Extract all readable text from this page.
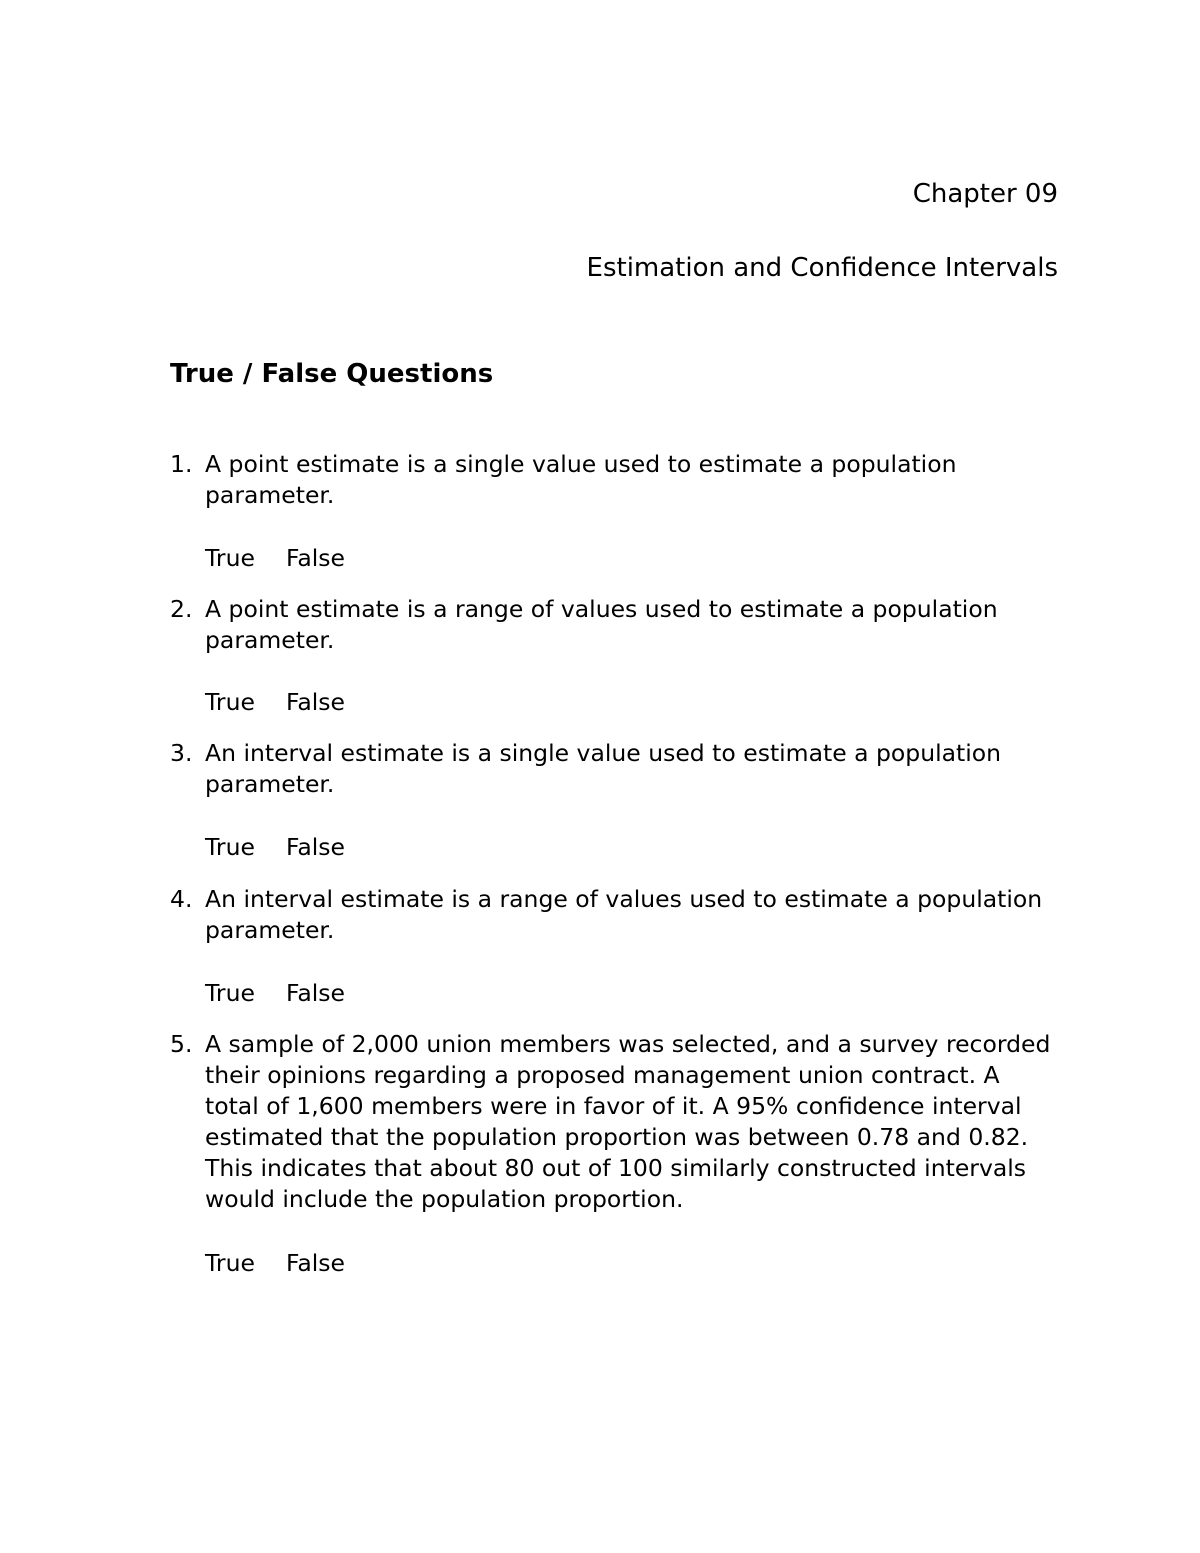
Chapter 09
Estimation and Confidence Intervals
True / False Questions
1. A point estimate is a single value used to estimate a population parameter.
True False
2. A point estimate is a range of values used to estimate a population parameter.
True False
3. An interval estimate is a single value used to estimate a population parameter.
True False
4. An interval estimate is a range of values used to estimate a population parameter.
True False
5. A sample of 2,000 union members was selected, and a survey recorded their opinions regarding a proposed management union contract. A total of 1,600 members were in favor of it. A 95% confidence interval estimated that the population proportion was between 0.78 and 0.82. This indicates that about 80 out of 100 similarly constructed intervals would include the population proportion.
True False
